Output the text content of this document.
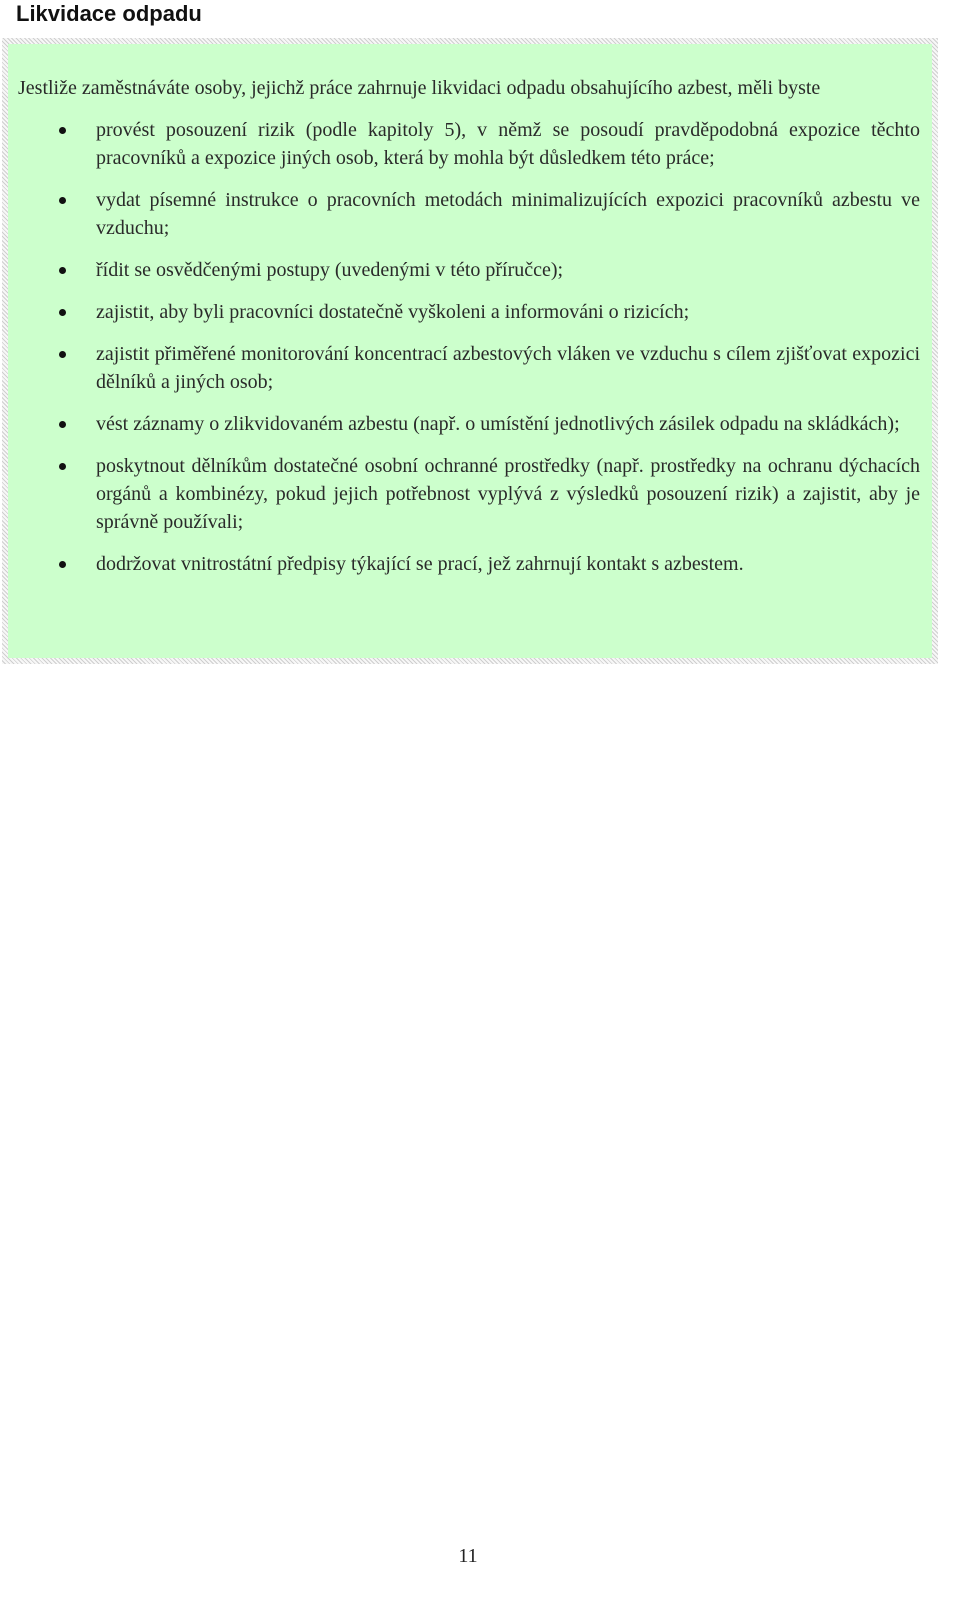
Likvidace odpadu

Jestliže zaměstnáváte osoby, jejichž práce zahrnuje likvidaci odpadu obsahujícího azbest, měli byste

provést posouzení rizik (podle kapitoly 5), v němž se posoudí pravděpodobná expozice těchto pracovníků a expozice jiných osob, která by mohla být důsledkem této práce;
vydat písemné instrukce o pracovních metodách minimalizujících expozici pracovníků azbestu ve vzduchu;
řídit se osvědčenými postupy (uvedenými v této příručce);
zajistit, aby byli pracovníci dostatečně vyškoleni a informováni o rizicích;
zajistit přiměřené monitorování koncentrací azbestových vláken ve vzduchu s cílem zjišťovat expozici dělníků a jiných osob;
vést záznamy o zlikvidovaném azbestu (např. o umístění jednotlivých zásilek odpadu na skládkách);
poskytnout dělníkům dostatečné osobní ochranné prostředky (např. prostředky na ochranu dýchacích orgánů a kombinézy, pokud jejich potřebnost vyplývá z výsledků posouzení rizik) a zajistit, aby je správně používali;
dodržovat vnitrostátní předpisy týkající se prací, jež zahrnují kontakt s azbestem.
11
